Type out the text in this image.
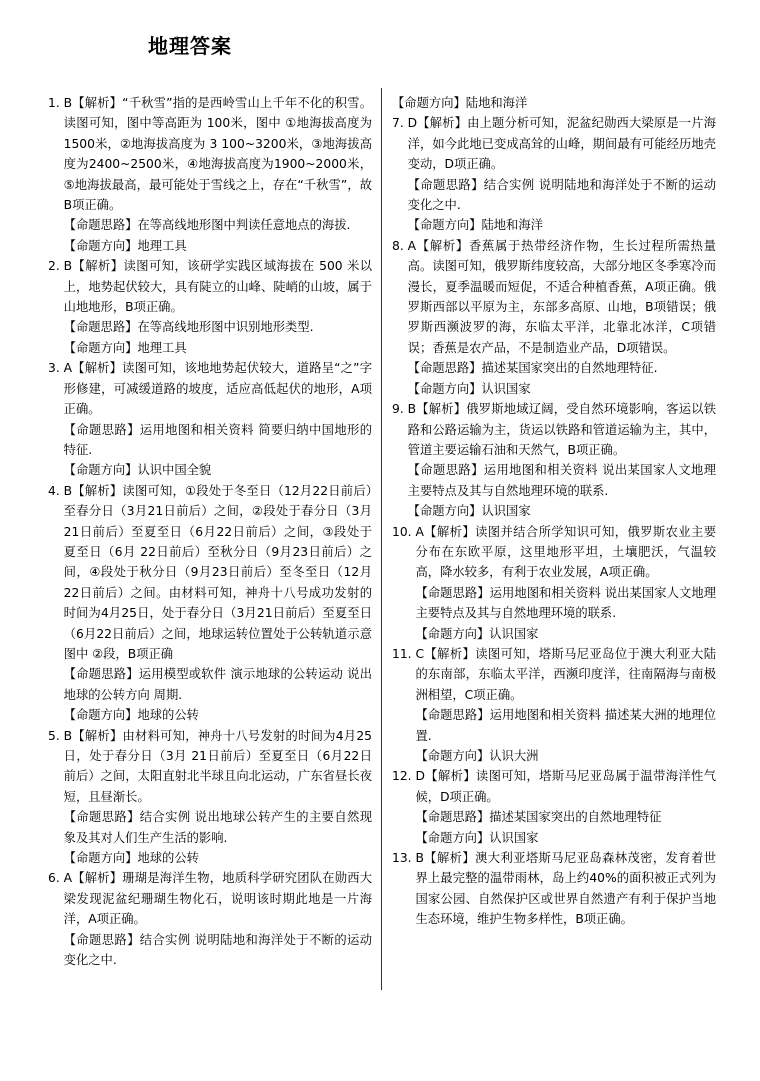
地理答案
1. B【解析】“千秋雪”指的是西岭雪山上千年不化的积雪。读图可知，图中等高距为 100米，图中 ①地海拔高度为 1500米，②地海拔高度为 3 100~3200米，③地海拔高度为2400~2500米，④地海拔高度为1900~2000米，⑤地海拔最高，最可能处于雪线之上，存在“千秋雪”，故B项正确。

【命题思路】在等高线地形图中判读任意地点的海拔.

【命题方向】地理工具

2. B【解析】读图可知，该研学实践区域海拔在 500 米以上，地势起伏较大，具有陡立的山峰、陡峭的山坡，属于山地地形，B项正确。

【命题思路】在等高线地形图中识别地形类型.

【命题方向】地理工具

3. A【解析】读图可知，该地地势起伏较大，道路呈“之”字形修建，可减缓道路的坡度，适应高低起伏的地形，A项正确。

【命题思路】运用地图和相关资料 简要归纳中国地形的特征.

【命题方向】认识中国全貌

4. B【解析】读图可知，①段处于冬至日（12月22日前后）至春分日（3月21日前后）之间，②段处于春分日（3月21日前后）至夏至日（6月22日前后）之间，③段处于夏至日（6月 22日前后）至秋分日（9月23日前后）之间，④段处于秋分日（9月23日前后）至冬至日（12月22日前后）之间。由材料可知，神舟十八号成功发射的时间为4月25日，处于春分日（3月21日前后）至夏至日（6月22日前后）之间，地球运转位置处于公转轨道示意图中 ②段，B项正确

【命题思路】运用模型或软件 演示地球的公转运动 说出地球的公转方向 周期.

【命题方向】地球的公转

5. B【解析】由材料可知，神舟十八号发射的时间为4月25日，处于春分日（3月 21日前后）至夏至日（6月22日前后）之间，太阳直射北半球且向北运动，广东省昼长夜短，且昼渐长。

【命题思路】结合实例 说出地球公转产生的主要自然现象及其对人们生产生活的影响.

【命题方向】地球的公转

6. A【解析】珊瑚是海洋生物，地质科学研究团队在勋西大梁发现泥盆纪珊瑚生物化石，说明该时期此地是一片海洋，A项正确。

【命题思路】结合实例 说明陆地和海洋处于不断的运动变化之中.

【命题方向】陆地和海洋

7. D【解析】由上题分析可知，泥盆纪勋西大梁原是一片海洋，如今此地已变成高耸的山峰，期间最有可能经历地壳变动，D项正确。

【命题思路】结合实例 说明陆地和海洋处于不断的运动变化之中.

【命题方向】陆地和海洋

8. A【解析】香蕉属于热带经济作物，生长过程所需热量高。读图可知，俄罗斯纬度较高，大部分地区冬季寒冷而漫长，夏季温暖而短促，不适合种植香蕉，A项正确。俄罗斯西部以平原为主，东部多高原、山地，B项错误；俄罗斯西濒波罗的海，东临太平洋，北靠北冰洋，C项错误；香蕉是农产品，不是制造业产品，D项错误。

【命题思路】描述某国家突出的自然地理特征.

【命题方向】认识国家

9. B【解析】俄罗斯地域辽阔，受自然环境影响，客运以铁路和公路运输为主，货运以铁路和管道运输为主，其中，管道主要运输石油和天然气，B项正确。

【命题思路】运用地图和相关资料 说出某国家人文地理主要特点及其与自然地理环境的联系.

【命题方向】认识国家

10. A【解析】读图并结合所学知识可知，俄罗斯农业主要分布在东欧平原，这里地形平坦，土壤肥沃，气温较高，降水较多，有利于农业发展，A项正确。

【命题思路】运用地图和相关资料 说出某国家人文地理主要特点及其与自然地理环境的联系.

【命题方向】认识国家

11. C【解析】读图可知，塔斯马尼亚岛位于澳大利亚大陆的东南部，东临太平洋，西濒印度洋，往南隔海与南极洲相望，C项正确。

【命题思路】运用地图和相关资料 描述某大洲的地理位置.

【命题方向】认识大洲

12. D【解析】读图可知，塔斯马尼亚岛属于温带海洋性气候，D项正确。

【命题思路】描述某国家突出的自然地理特征

【命题方向】认识国家

13. B【解析】澳大利亚塔斯马尼亚岛森林茂密，发育着世界上最完整的温带雨林，岛上约40%的面积被正式列为国家公园、自然保护区或世界自然遗产有利于保护当地生态环境，维护生物多样性，B项正确。
